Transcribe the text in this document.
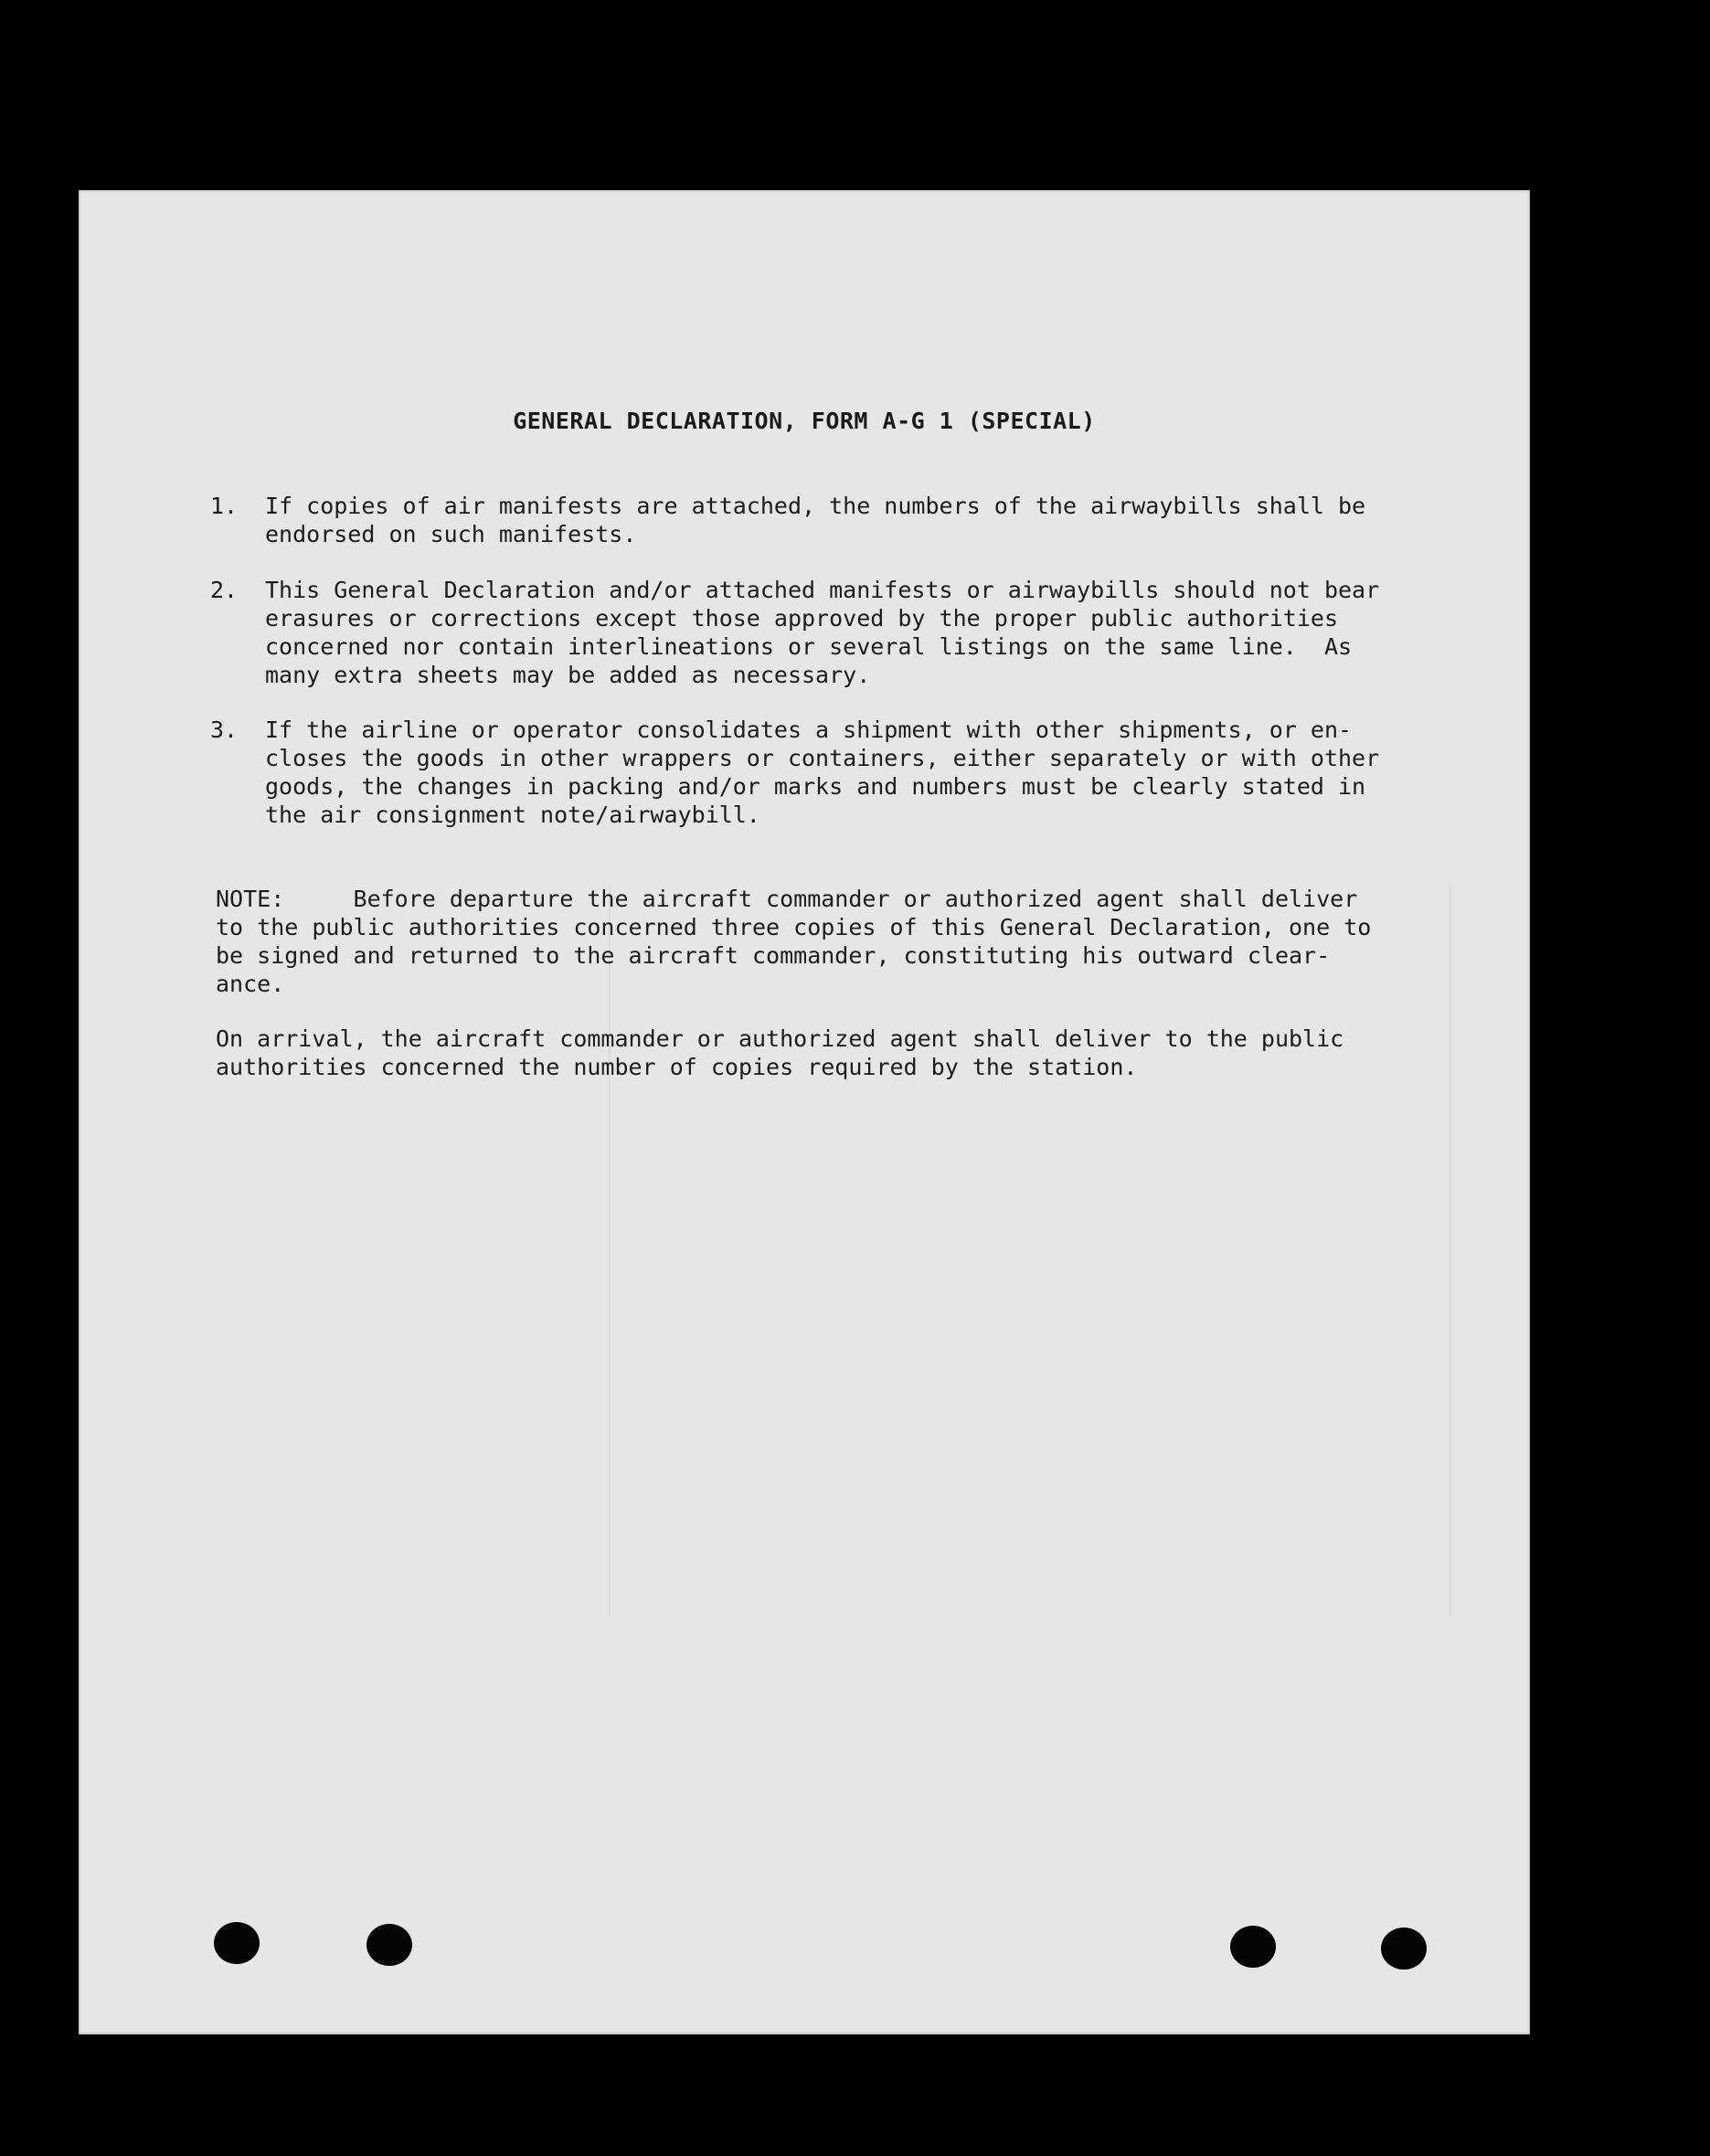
GENERAL DECLARATION, FORM A-G 1 (SPECIAL)
1.	If copies of air manifests are attached, the numbers of the airwaybills shall be
endorsed on such manifests.

2.	This General Declaration and/or attached manifests or airwaybills should not bear
erasures or corrections except those approved by the proper public authorities
concerned nor contain interlineations or several listings on the same line.  As
many extra sheets may be added as necessary.

3.	If the airline or operator consolidates a shipment with other shipments, or en-
closes the goods in other wrappers or containers, either separately or with other
goods, the changes in packing and/or marks and numbers must be clearly stated in
the air consignment note/airwaybill.

NOTE:     Before departure the aircraft commander or authorized agent shall deliver
to the public authorities concerned three copies of this General Declaration, one to
be signed and returned to the aircraft commander, constituting his outward clear-
ance.

On arrival, the aircraft commander or authorized agent shall deliver to the public
authorities concerned the number of copies required by the station.
